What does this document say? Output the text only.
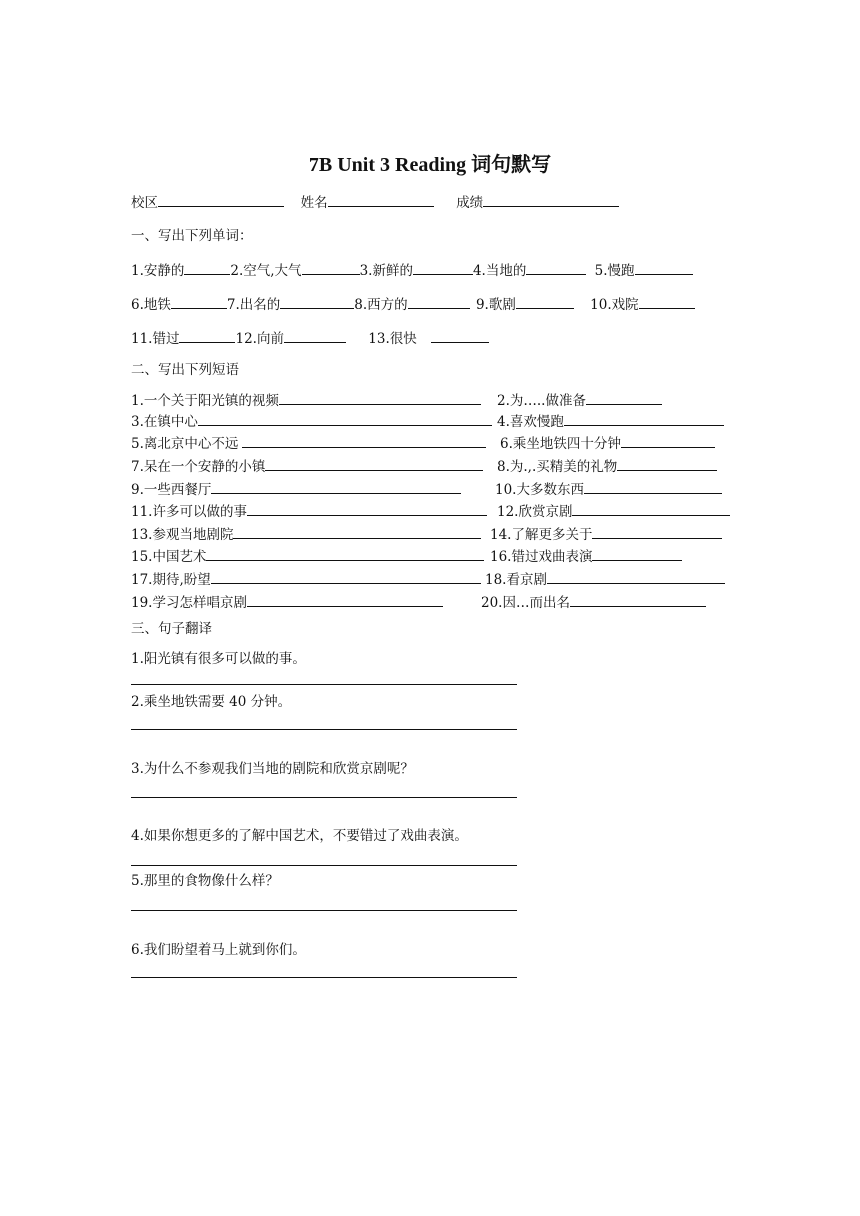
7B Unit 3 Reading 词句默写
校区	姓名	成绩
一、写出下列单词：
1.安静的	2.空气,大气	3.新鲜的	4.当地的	5.慢跑
6.地铁	7.出名的	8.西方的	9.歌剧	10.戏院
11.错过	12.向前	13.很快
二、写出下列短语
1.一个关于阳光镇的视频	2.为…..做准备
3.在镇中心	4.喜欢慢跑
5.离北京中心不远	6.乘坐地铁四十分钟
7.呆在一个安静的小镇	8.为.,.买精美的礼物
9.一些西餐厅	10.大多数东西
11.许多可以做的事	12.欣赏京剧
13.参观当地剧院	14.了解更多关于
15.中国艺术	16.错过戏曲表演
17.期待,盼望	18.看京剧
19.学习怎样唱京剧	20.因…而出名
三、句子翻译
1.阳光镇有很多可以做的事。
2.乘坐地铁需要 40 分钟。
3.为什么不参观我们当地的剧院和欣赏京剧呢？
4.如果你想更多的了解中国艺术，不要错过了戏曲表演。
5.那里的食物像什么样？
6.我们盼望着马上就到你们。
